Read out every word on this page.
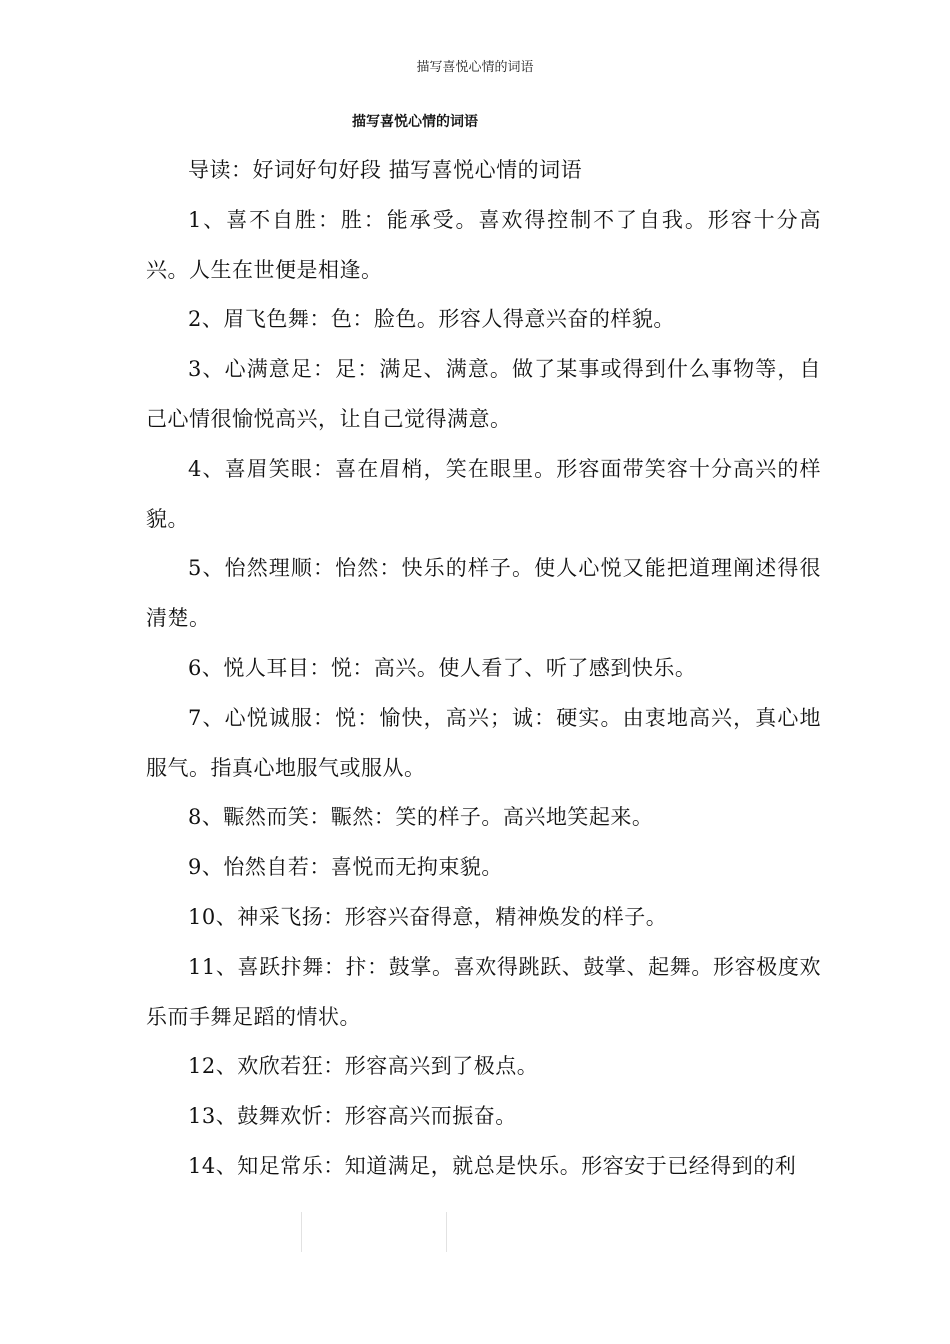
描写喜悦心情的词语
描写喜悦心情的词语

导读：好词好句好段 描写喜悦心情的词语

1、喜不自胜：胜：能承受。喜欢得控制不了自我。形容十分高兴。人生在世便是相逢。

2、眉飞色舞：色：脸色。形容人得意兴奋的样貌。

3、心满意足：足：满足、满意。做了某事或得到什么事物等，自己心情很愉悦高兴，让自己觉得满意。

4、喜眉笑眼：喜在眉梢，笑在眼里。形容面带笑容十分高兴的样貌。

5、怡然理顺：怡然：快乐的样子。使人心悦又能把道理阐述得很清楚。

6、悦人耳目：悦：高兴。使人看了、听了感到快乐。

7、心悦诚服：悦：愉快，高兴；诚：硬实。由衷地高兴，真心地服气。指真心地服气或服从。

8、辴然而笑：辴然：笑的样子。高兴地笑起来。

9、怡然自若：喜悦而无拘束貌。

10、神采飞扬：形容兴奋得意，精神焕发的样子。

11、喜跃抃舞：抃：鼓掌。喜欢得跳跃、鼓掌、起舞。形容极度欢乐而手舞足蹈的情状。

12、欢欣若狂：形容高兴到了极点。

13、鼓舞欢忻：形容高兴而振奋。

14、知足常乐：知道满足，就总是快乐。形容安于已经得到的利
